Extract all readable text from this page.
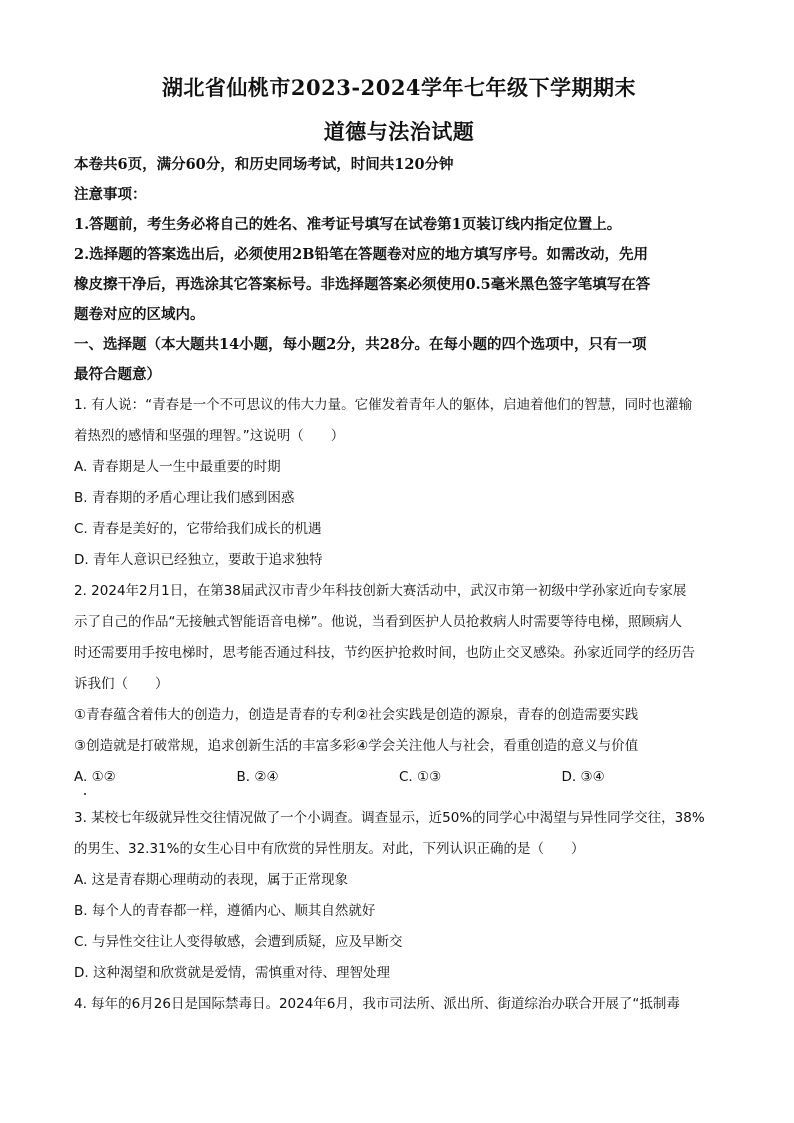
湖北省仙桃市2023-2024学年七年级下学期期末
道德与法治试题

本卷共6页，满分60分，和历史同场考试，时间共120分钟

注意事项：

1.答题前，考生务必将自己的姓名、准考证号填写在试卷第1页装订线内指定位置上。

2.选择题的答案选出后，必须使用2B铅笔在答题卷对应的地方填写序号。如需改动，先用

橡皮擦干净后，再选涂其它答案标号。非选择题答案必须使用0.5毫米黑色签字笔填写在答

题卷对应的区域内。

一、选择题（本大题共14小题，每小题2分，共28分。在每小题的四个选项中，只有一项

最符合题意）

1. 有人说：“青春是一个不可思议的伟大力量。它催发着青年人的躯体，启迪着他们的智慧，同时也灌输

着热烈的感情和坚强的理智。”这说明（　　）

A. 青春期是人一生中最重要的时期

B. 青春期的矛盾心理让我们感到困惑

C. 青春是美好的，它带给我们成长的机遇

D. 青年人意识已经独立，要敢于追求独特

2. 2024年2月1日，在第38届武汉市青少年科技创新大赛活动中，武汉市第一初级中学孙家近向专家展

示了自己的作品“无接触式智能语音电梯”。他说，当看到医护人员抢救病人时需要等待电梯，照顾病人

时还需要用手按电梯时，思考能否通过科技，节约医护抢救时间，也防止交叉感染。孙家近同学的经历告

诉我们（　　）

①青春蕴含着伟大的创造力，创造是青春的专利②社会实践是创造的源泉，青春的创造需要实践

③创造就是打破常规，追求创新生活的丰富多彩④学会关注他人与社会，看重创造的意义与价值

A. ①②	B. ②④	C. ①③	D. ③④

3. 某校七年级就异性交往情况做了一个小调查。调查显示，近50%的同学心中渴望与异性同学交往，38%

的男生、32.31%的女生心目中有欣赏的异性朋友。对此，下列认识正确的是（　　）

A. 这是青春期心理萌动的表现，属于正常现象

B. 每个人的青春都一样，遵循内心、顺其自然就好

C. 与异性交往让人变得敏感，会遭到质疑，应及早断交

D. 这种渴望和欣赏就是爱情，需慎重对待、理智处理

4. 每年的6月26日是国际禁毒日。2024年6月，我市司法所、派出所、街道综治办联合开展了“抵制毒
